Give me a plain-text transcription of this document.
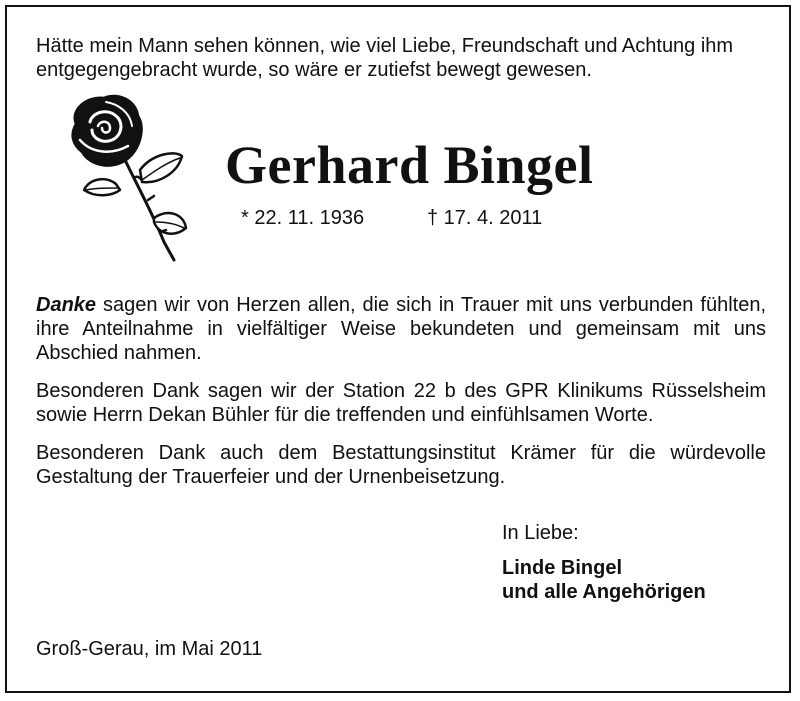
Hätte mein Mann sehen können, wie viel Liebe, Freundschaft und Achtung ihm entgegengebracht wurde, so wäre er zutiefst bewegt gewesen.
Gerhard Bingel
* 22. 11. 1936	† 17. 4. 2011
Danke sagen wir von Herzen allen, die sich in Trauer mit uns verbunden fühlten, ihre Anteilnahme in vielfältiger Weise bekundeten und gemeinsam mit uns Abschied nahmen.
Besonderen Dank sagen wir der Station 22 b des GPR Klinikums Rüsselsheim sowie Herrn Dekan Bühler für die treffenden und einfühlsamen Worte.
Besonderen Dank auch dem Bestattungsinstitut Krämer für die würdevolle Gestaltung der Trauerfeier und der Urnenbeisetzung.
In Liebe:
Linde Bingel
und alle Angehörigen
Groß-Gerau, im Mai 2011
